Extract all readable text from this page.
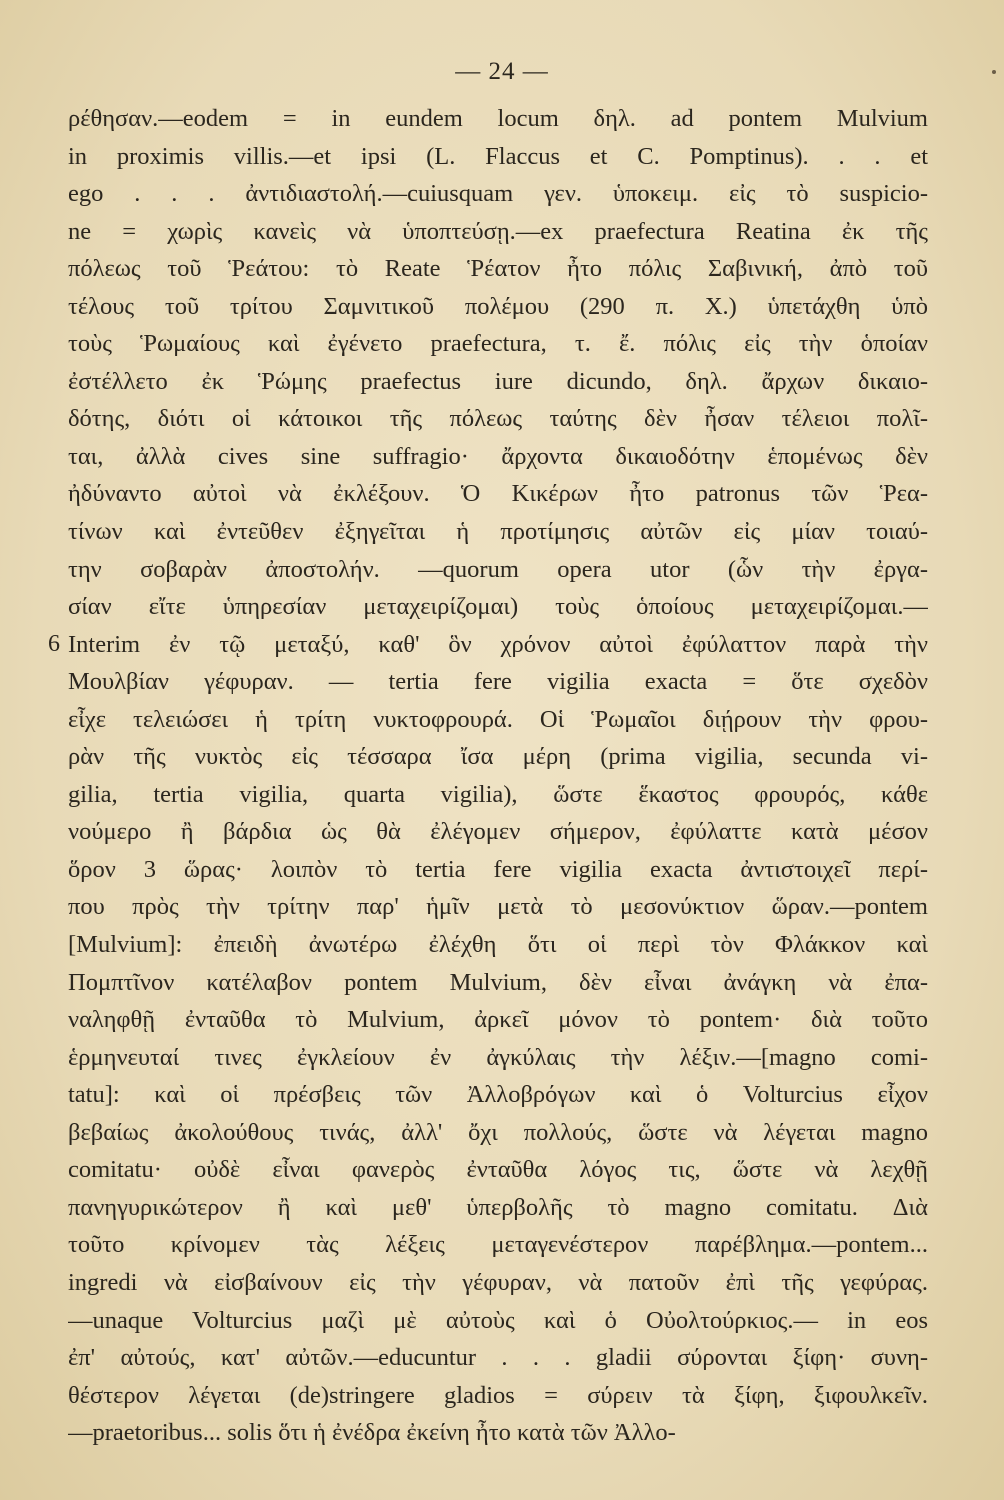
— 24 —
ρέθησαν.—eodem = in eundem locum δηλ. ad pontem Mulvium
in proximis villis.—et ipsi (L. Flaccus et C. Pomptinus). . . et
ego . . . ἀντιδιαστολή.—cuiusquam γεν. ὑποκειμ. εἰς τὸ suspicio-
ne = χωρὶς κανεὶς νὰ ὑποπτεύσῃ.—ex praefectura Reatina ἐκ τῆς
πόλεως τοῦ Ῥεάτου: τὸ Reate Ῥέατον ἦτο πόλις Σαβινική, ἀπὸ τοῦ
τέλους τοῦ τρίτου Σαμνιτικοῦ πολέμου (290 π. Χ.) ὑπετάχθη ὑπὸ
τοὺς Ῥωμαίους καὶ ἐγένετο praefectura, τ. ἔ. πόλις εἰς τὴν ὁποίαν
ἐστέλλετο ἐκ Ῥώμης praefectus iure dicundo, δηλ. ἄρχων δικαιο-
δότης, διότι οἱ κάτοικοι τῆς πόλεως ταύτης δὲν ἦσαν τέλειοι πολῖ-
ται, ἀλλὰ cives sine suffragio· ἄρχοντα δικαιοδότην ἑπομένως δὲν
ἠδύναντο αὐτοὶ νὰ ἐκλέξουν. Ὁ Κικέρων ἦτο patronus τῶν Ῥεα-
τίνων καὶ ἐντεῦθεν ἐξηγεῖται ἡ προτίμησις αὐτῶν εἰς μίαν τοιαύ-
την σοβαρὰν ἀποστολήν. —quorum opera utor (ὧν τὴν ἐργα-
σίαν εἴτε ὑπηρεσίαν μεταχειρίζομαι) τοὺς ὁποίους μεταχειρίζομαι.—
6 Interim ἐν τῷ μεταξύ, καθ' ὃν χρόνον αὐτοὶ ἐφύλαττον παρὰ τὴν
Μουλβίαν γέφυραν. — tertia fere vigilia exacta = ὅτε σχεδὸν
εἶχε τελειώσει ἡ τρίτη νυκτοφρουρά. Οἱ Ῥωμαῖοι διῄρουν τὴν φρου-
ρὰν τῆς νυκτὸς εἰς τέσσαρα ἴσα μέρη (prima vigilia, secunda vi-
gilia, tertia vigilia, quarta vigilia), ὥστε ἕκαστος φρουρός, κάθε
νούμερο ἢ βάρδια ὡς θὰ ἐλέγομεν σήμερον, ἐφύλαττε κατὰ μέσον
ὅρον 3 ὥρας· λοιπὸν τὸ tertia fere vigilia exacta ἀντιστοιχεῖ περί-
που πρὸς τὴν τρίτην παρ' ἡμῖν μετὰ τὸ μεσονύκτιον ὥραν.—pontem
[Mulvium]: ἐπειδὴ ἀνωτέρω ἐλέχθη ὅτι οἱ περὶ τὸν Φλάκκον καὶ
Πομπτῖνον κατέλαβον pontem Mulvium, δὲν εἶναι ἀνάγκη νὰ ἐπα-
ναληφθῇ ἐνταῦθα τὸ Mulvium, ἀρκεῖ μόνον τὸ pontem· διὰ τοῦτο
ἑρμηνευταί τινες ἐγκλείουν ἐν ἀγκύλαις τὴν λέξιν.—[magno comi-
tatu]: καὶ οἱ πρέσβεις τῶν Ἀλλοβρόγων καὶ ὁ Volturcius εἶχον
βεβαίως ἀκολούθους τινάς, ἀλλ' ὄχι πολλούς, ὥστε νὰ λέγεται magno
comitatu· οὐδὲ εἶναι φανερὸς ἐνταῦθα λόγος τις, ὥστε νὰ λεχθῇ
πανηγυρικώτερον ἢ καὶ μεθ' ὑπερβολῆς τὸ magno comitatu. Διὰ
τοῦτο κρίνομεν τὰς λέξεις μεταγενέστερον παρέβλημα.—pontem...
ingredi νὰ εἰσβαίνουν εἰς τὴν γέφυραν, νὰ πατοῦν ἐπὶ τῆς γεφύρας.
—unaque Volturcius μαζὶ μὲ αὐτοὺς καὶ ὁ Οὐολτούρκιος.— in eos
ἐπ' αὐτούς, κατ' αὐτῶν.—educuntur . . . gladii σύρονται ξίφη· συνη-
θέστερον λέγεται (de)stringere gladios = σύρειν τὰ ξίφη, ξιφουλκεῖν.
—praetoribus... solis ὅτι ἡ ἐνέδρα ἐκείνη ἦτο κατὰ τῶν Ἀλλο-
